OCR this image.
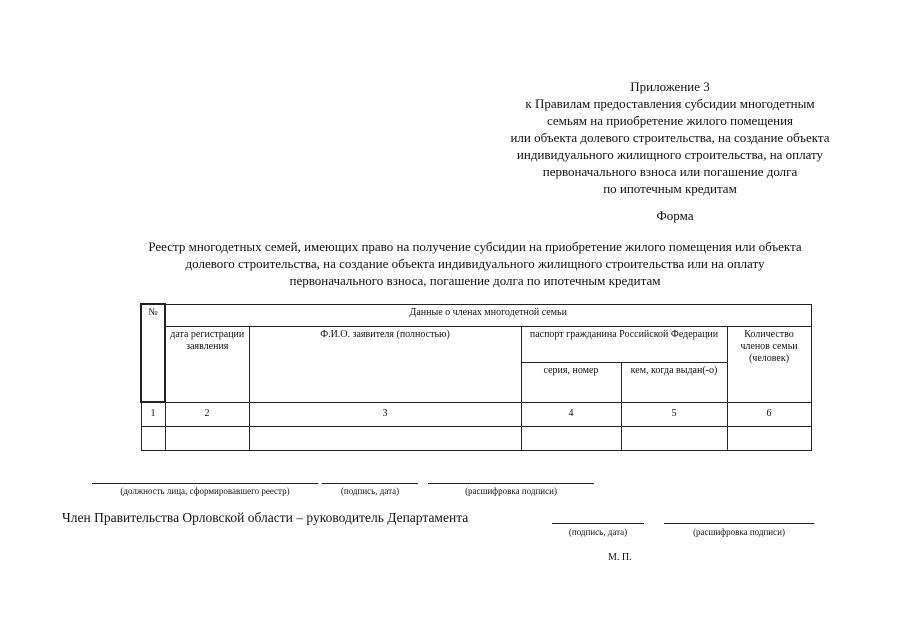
Приложение 3
к Правилам предоставления субсидии многодетным
семьям на приобретение жилого помещения
или объекта долевого строительства, на создание объекта
индивидуального жилищного строительства, на оплату
первоначального взноса или погашение долга
по ипотечным кредитам
Форма
Реестр многодетных семей, имеющих право на получение субсидии на приобретение жилого помещения или объекта
долевого строительства, на создание объекта индивидуального жилищного строительства или на оплату
первоначального взноса, погашение долга по ипотечным кредитам
№	Данные о членах многодетной семьи				
	дата регистрации заявления	Ф.И.О. заявителя (полностью)	паспорт гражданина Российской Федерации		Количество членов семьи (человек)
			серия, номер	кем, когда выдан(-о)	
1	2	3	4	5	6

(должность лица, сформировавшего реестр)	(подпись, дата)	(расшифровка подписи)
Член Правительства Орловской области – руководитель Департамента
(подпись, дата)	(расшифровка подписи)
М. П.
